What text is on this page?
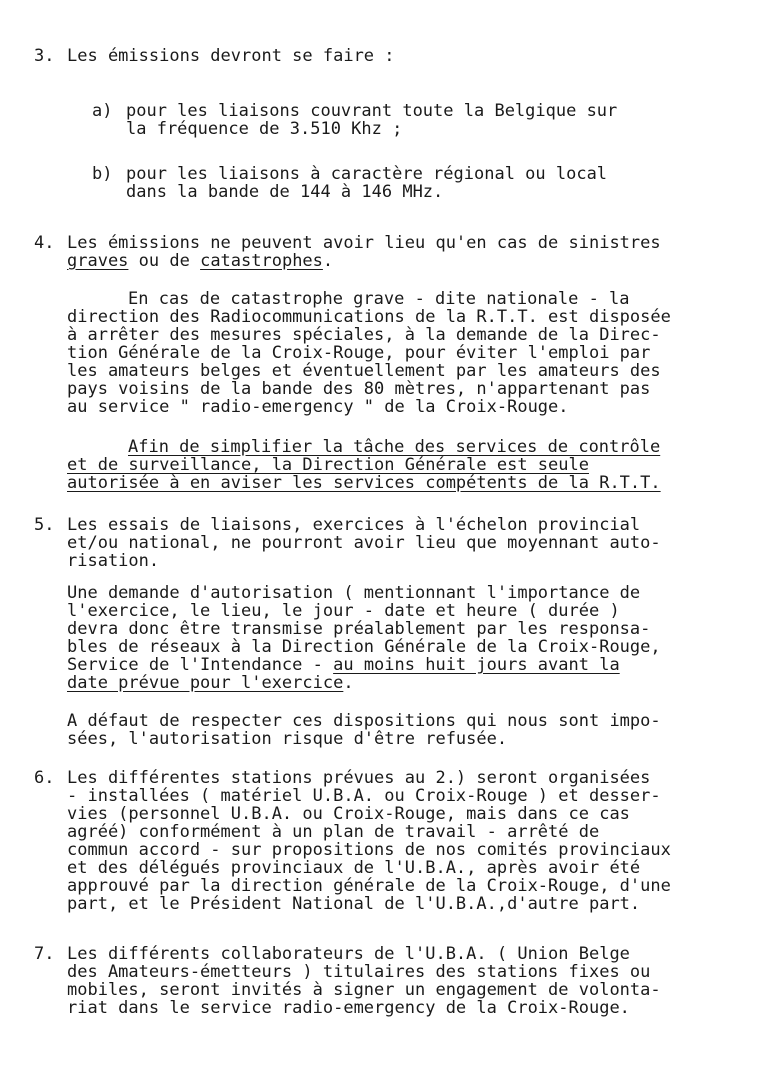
3. Les émissions devront se faire :
a) pour les liaisons couvrant toute la Belgique sur
la fréquence de 3.510 Khz ;
b) pour les liaisons à caractère régional ou local
dans la bande de 144 à 146 MHz.
4. Les émissions ne peuvent avoir lieu qu'en cas de sinistres
graves ou de catastrophes.
En cas de catastrophe grave - dite nationale - la
direction des Radiocommunications de la R.T.T. est disposée
à arrêter des mesures spéciales, à la demande de la Direc-
tion Générale de la Croix-Rouge, pour éviter l'emploi par
les amateurs belges et éventuellement par les amateurs des
pays voisins de la bande des 80 mètres, n'appartenant pas
au service " radio-emergency " de la Croix-Rouge.
Afin de simplifier la tâche des services de contrôle
et de surveillance, la Direction Générale est seule
autorisée à en aviser les services compétents de la R.T.T.
5. Les essais de liaisons, exercices à l'échelon provincial
et/ou national, ne pourront avoir lieu que moyennant auto-
risation.
Une demande d'autorisation ( mentionnant l'importance de
l'exercice, le lieu, le jour - date et heure ( durée )
devra donc être transmise préalablement par les responsa-
bles de réseaux à la Direction Générale de la Croix-Rouge,
Service de l'Intendance - au moins huit jours avant la
date prévue pour l'exercice.
A défaut de respecter ces dispositions qui nous sont impo-
sées, l'autorisation risque d'être refusée.
6. Les différentes stations prévues au 2.) seront organisées
- installées ( matériel U.B.A. ou Croix-Rouge ) et desser-
vies (personnel U.B.A. ou Croix-Rouge, mais dans ce cas
agréé) conformément à un plan de travail - arrêté de
commun accord - sur propositions de nos comités provinciaux
et des délégués provinciaux de l'U.B.A., après avoir été
approuvé par la direction générale de la Croix-Rouge, d'une
part, et le Président National de l'U.B.A.,d'autre part.
7. Les différents collaborateurs de l'U.B.A. ( Union Belge
des Amateurs-émetteurs ) titulaires des stations fixes ou
mobiles, seront invités à signer un engagement de volonta-
riat dans le service radio-emergency de la Croix-Rouge.
